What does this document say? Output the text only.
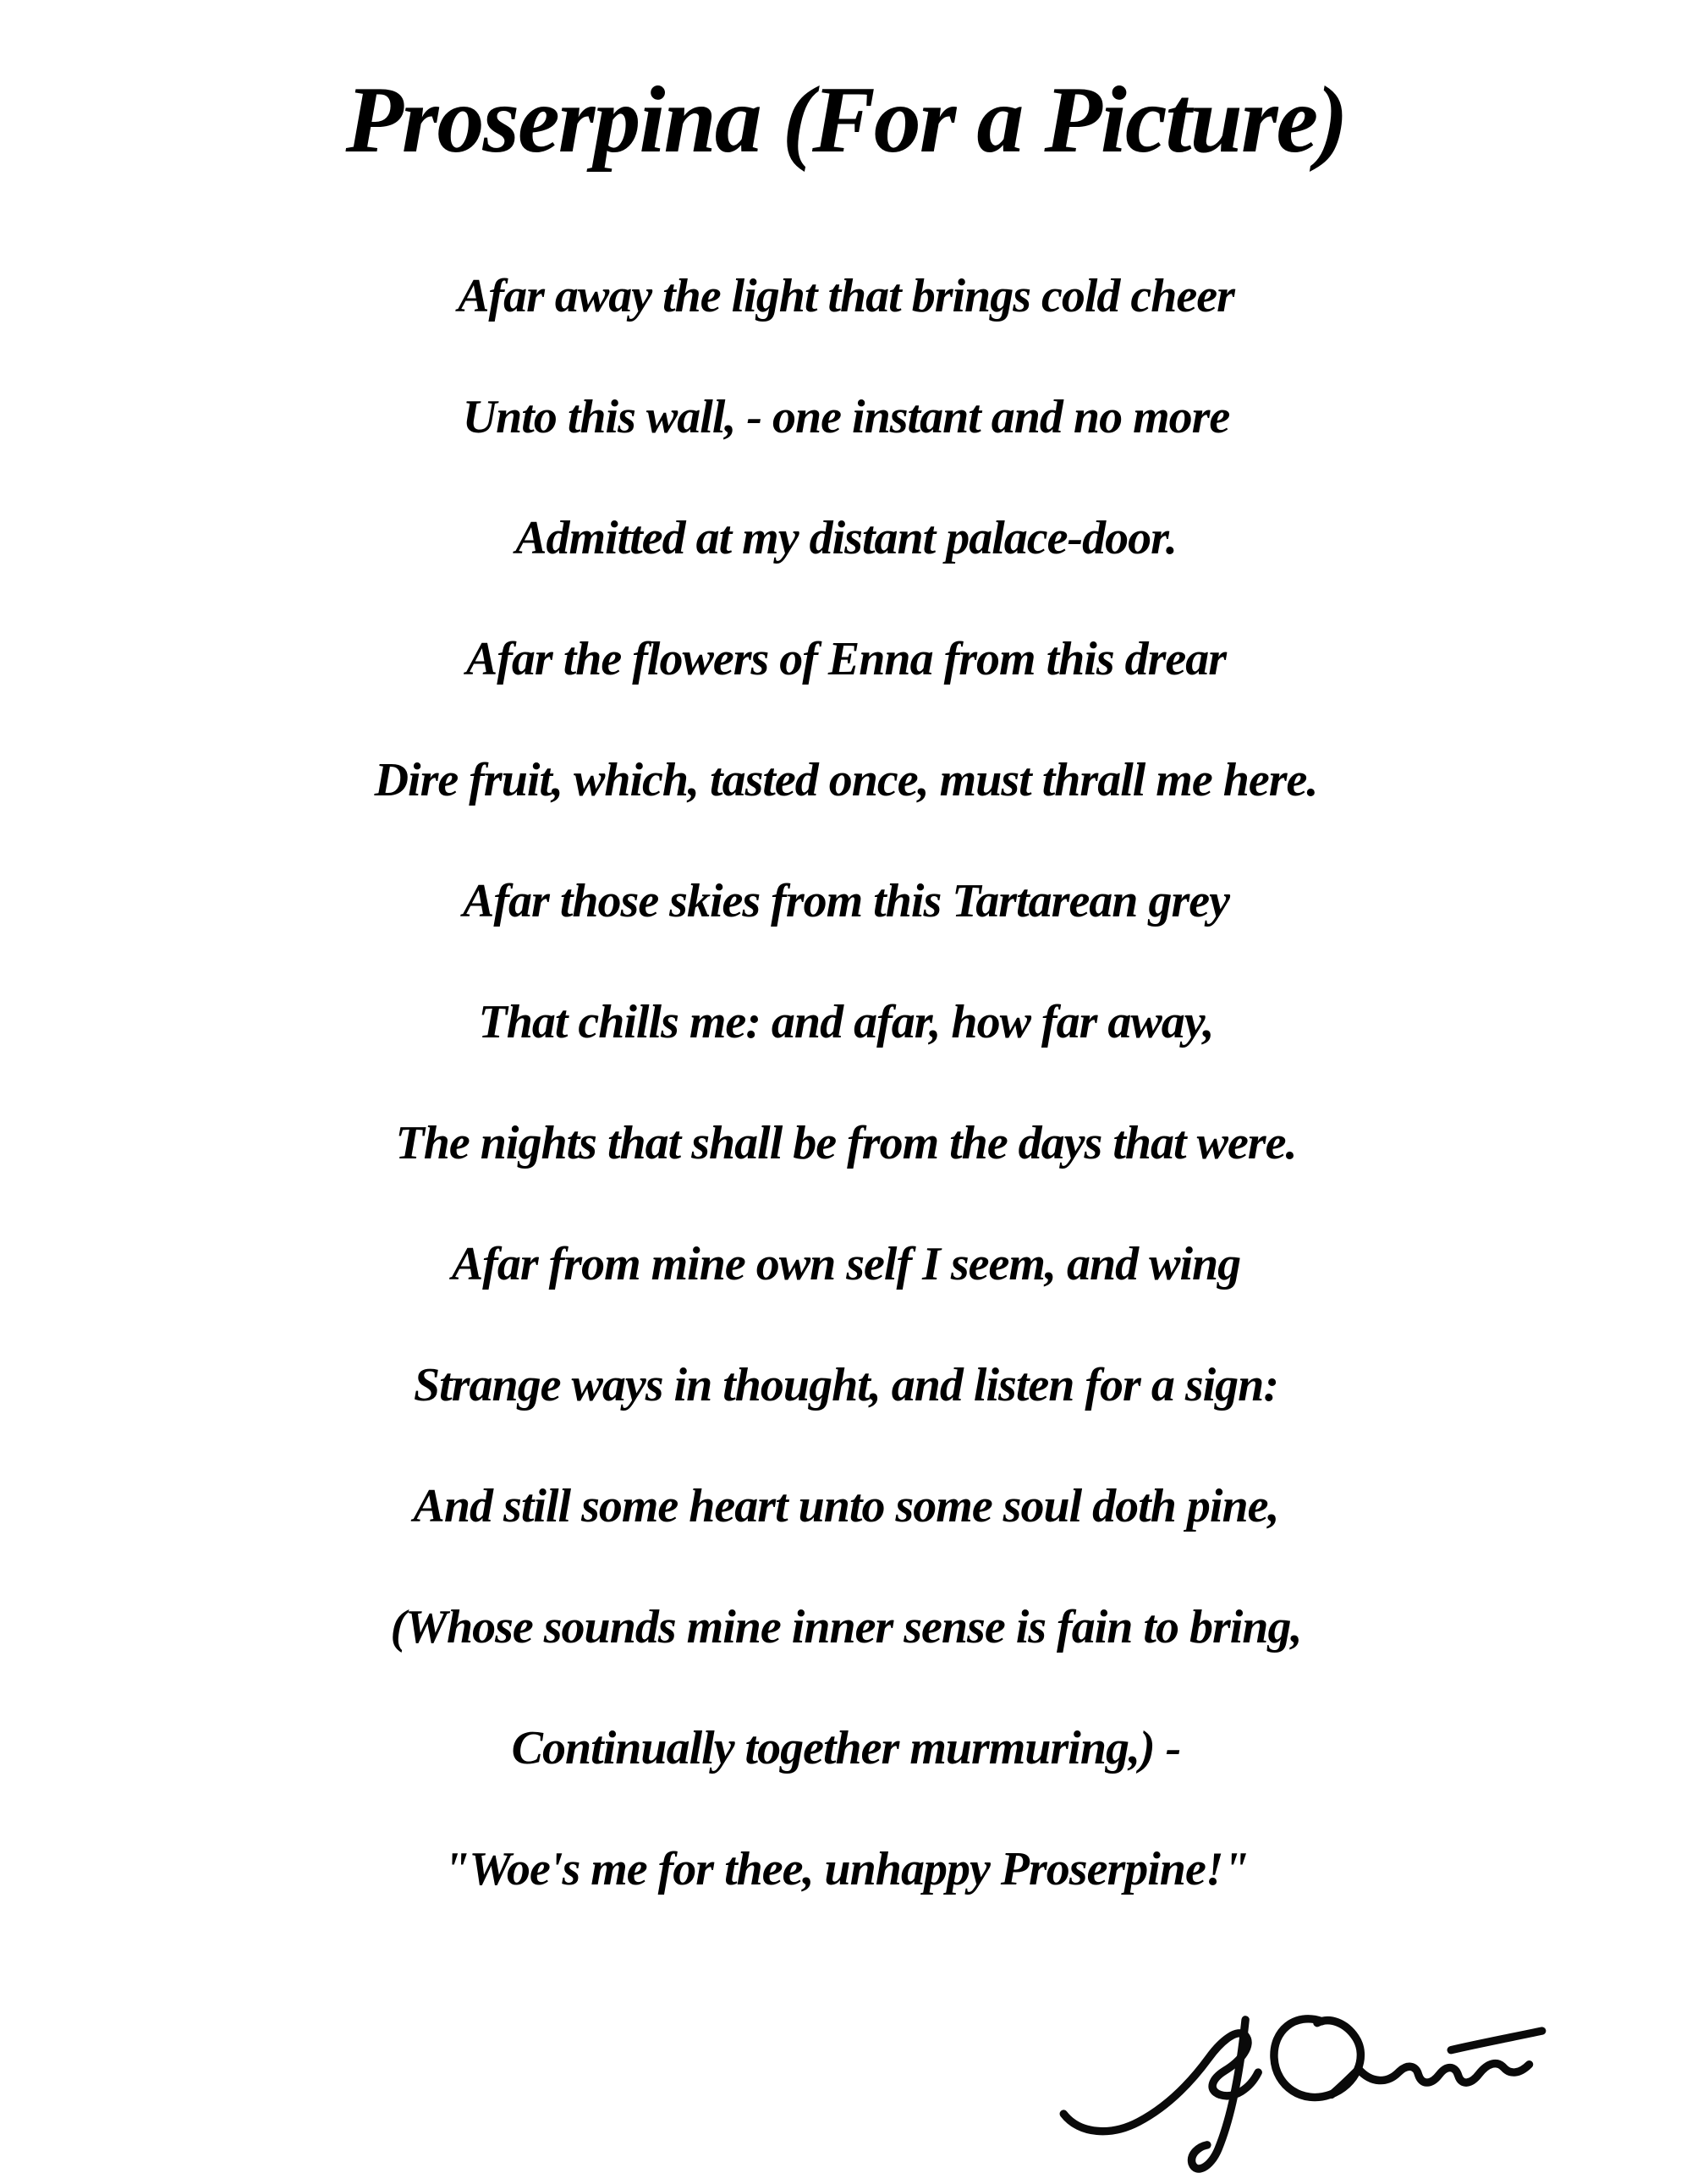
Proserpina (For a Picture)

Afar away the light that brings cold cheer

Unto this wall, - one instant and no more

Admitted at my distant palace-door.

Afar the flowers of Enna from this drear

Dire fruit, which, tasted once, must thrall me here.

Afar those skies from this Tartarean grey

That chills me: and afar, how far away,

The nights that shall be from the days that were.

Afar from mine own self I seem, and wing

Strange ways in thought, and listen for a sign:

And still some heart unto some soul doth pine,

(Whose sounds mine inner sense is fain to bring,

Continually together murmuring,) -

"Woe's me for thee, unhappy Proserpine!"
